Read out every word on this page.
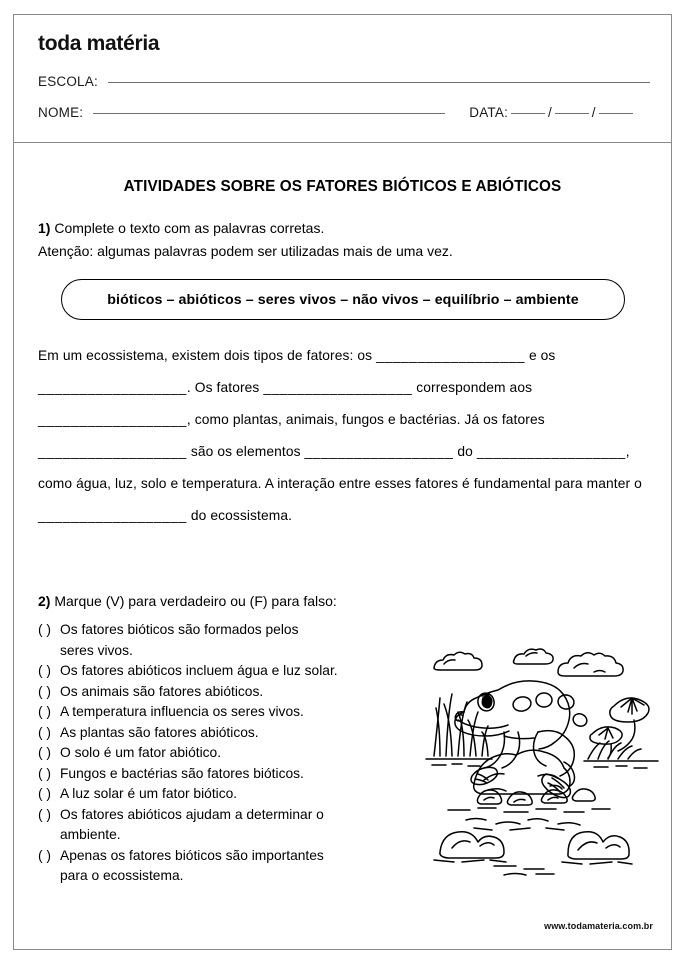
toda matéria
ESCOLA:
NOME:	DATA:	/	/
ATIVIDADES SOBRE OS FATORES BIÓTICOS E ABIÓTICOS
1) Complete o texto com as palavras corretas.
Atenção: algumas palavras podem ser utilizadas mais de uma vez.
bióticos – abióticos – seres vivos – não vivos – equilíbrio – ambiente
Em um ecossistema, existem dois tipos de fatores: os __________________ e os __________________. Os fatores __________________ correspondem aos __________________, como plantas, animais, fungos e bactérias. Já os fatores __________________ são os elementos __________________ do __________________, como água, luz, solo e temperatura. A interação entre esses fatores é fundamental para manter o __________________ do ecossistema.
2) Marque (V) para verdadeiro ou (F) para falso:
( ) Os fatores bióticos são formados pelos
seres vivos.
( ) Os fatores abióticos incluem água e luz solar.
( ) Os animais são fatores abióticos.
( ) A temperatura influencia os seres vivos.
( ) As plantas são fatores abióticos.
( ) O solo é um fator abiótico.
( ) Fungos e bactérias são fatores bióticos.
( ) A luz solar é um fator biótico.
( ) Os fatores abióticos ajudam a determinar o
ambiente.
( ) Apenas os fatores bióticos são importantes
para o ecossistema.
www.todamateria.com.br
